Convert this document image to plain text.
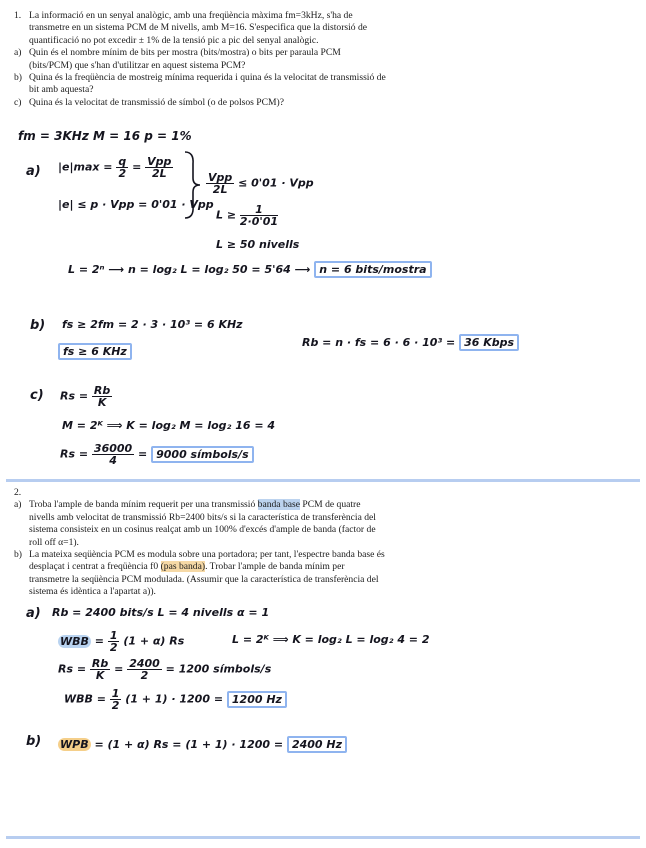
1. La informació en un senyal analògic, amb una freqüència màxima fm=3kHz, s'ha de transmetre en un sistema PCM de M nivells, amb M=16. S'especifica que la distorsió de quantificació no pot excedir ± 1% de la tensió pic a pic del senyal analògic.
a) Quin és el nombre mínim de bits per mostra (bits/mostra) o bits per paraula PCM (bits/PCM) que s'han d'utilitzar en aquest sistema PCM?
b) Quina és la freqüència de mostreig mínima requerida i quina és la velocitat de transmissió de bit amb aquesta?
c) Quina és la velocitat de transmissió de símbol (o de polsos PCM)?
fm = 3KHz M = 16 p = 1%
a) $|e|\max = \frac{q}{2} = \frac{\text{Vpp}}{2L}$
|e| ≤ p · Vpp = 0'01 · Vpp
$\frac{\text{Vpp}}{2L} \le 0'01$ · Vpp
$L \ge \frac{1}{2\cdot 0'01}$
L ≥ 50 nivells
L = 2ⁿ ⟶ n = log₂ L = log₂ 50 = 5'64 ⟶ n = 6 bits/mostra
b) fs ≥ 2fm = 2 · 3 · 10³ = 6 KHz
fs ≥ 6 KHz
Rb = n · fs = 6 · 6 · 10³ = 36 Kbps
c) $Rs = \frac{Rb}{K}$
M = 2ᴷ ⟹ K = log₂ M = log₂ 16 = 4
$Rs = \frac{36000}{4} = 9000$ símbols/s
2.
a) Troba l'ample de banda mínim requerit per una transmissió banda base PCM de quatre nivells amb velocitat de transmissió Rb=2400 bits/s si la característica de transferència del sistema consisteix en un cosinus realçat amb un 100% d'excés d'ample de banda (factor de roll off α=1).
b) La mateixa seqüència PCM es modula sobre una portadora; per tant, l'espectre banda base és desplaçat i centrat a freqüència f0 (pas banda). Trobar l'ample de banda mínim per transmetre la seqüència PCM modulada. (Assumir que la característica de transferència del sistema és idèntica a l'apartat a)).
a) Rb = 2400 bits/s L = 4 nivells α = 1
WBB = $\frac{1}{2} (1 + \alpha)$ Rs	L = 2ᴷ ⟹ K = log₂ L = log₂ 4 = 2
$Rs = \frac{Rb}{K} = \frac{2400}{2} = 1200$ símbols/s
WBB = $\frac{1}{2} (1 + 1) \cdot 1200 = 1200$ Hz
b) WPB = (1 + α) Rs = (1 + 1) · 1200 = 2400 Hz
